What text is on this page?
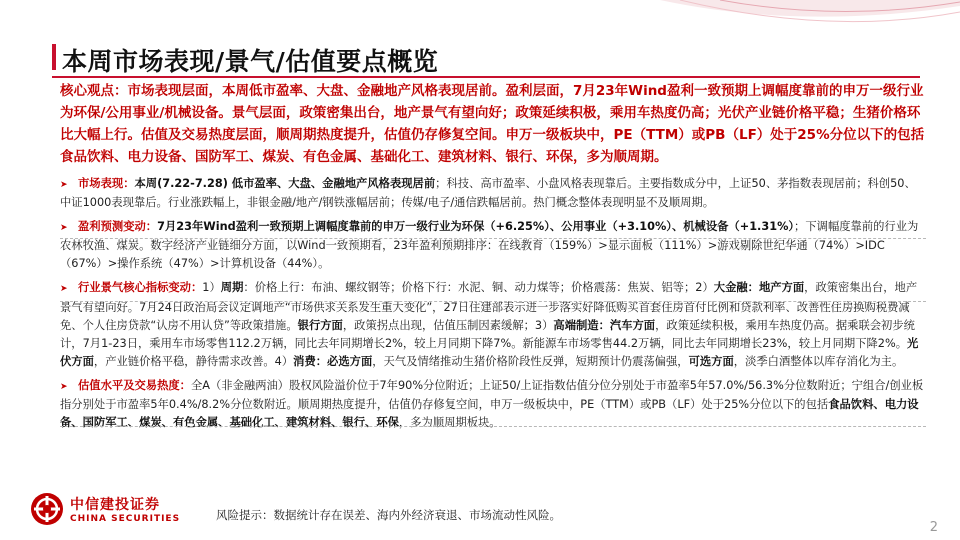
本周市场表现/景气/估值要点概览
核心观点：市场表现层面，本周低市盈率、大盘、金融地产风格表现居前。盈利层面，7月23年Wind盈利一致预期上调幅度靠前的申万一级行业为环保/公用事业/机械设备。景气层面，政策密集出台，地产景气有望向好；政策延续积极，乘用车热度仍高；光伏产业链价格平稳；生猪价格环比大幅上行。估值及交易热度层面，顺周期热度提升，估值仍存修复空间。申万一级板块中，PE（TTM）或PB（LF）处于25%分位以下的包括食品饮料、电力设备、国防军工、煤炭、有色金属、基础化工、建筑材料、银行、环保，多为顺周期。
➤ 市场表现：本周(7.22-7.28) 低市盈率、大盘、金融地产风格表现居前；科技、高市盈率、小盘风格表现靠后。主要指数成分中，上证50、茅指数表现居前；科创50、中证1000表现靠后。行业涨跌幅上，非银金融/地产/钢铁涨幅居前；传媒/电子/通信跌幅居前。热门概念整体表现明显不及顺周期。
➤ 盈利预测变动：7月23年Wind盈利一致预期上调幅度靠前的申万一级行业为环保（+6.25%）、公用事业（+3.10%）、机械设备（+1.31%）；下调幅度靠前的行业为农林牧渔、煤炭。数字经济产业链细分方面，以Wind一致预期看，23年盈利预期排序：在线教育（159%）>显示面板（111%）>游戏剔除世纪华通（74%）>IDC（67%）>操作系统（47%）>计算机设备（44%）。
➤ 行业景气核心指标变动：1）周期：价格上行：布油、螺纹钢等；价格下行：水泥、铜、动力煤等；价格震荡：焦炭、铝等；2）大金融：地产方面，政策密集出台，地产景气有望向好。7月24日政治局会议定调地产“市场供求关系发生重大变化”，27日住建部表示进一步落实好降低购买首套住房首付比例和贷款利率、改善性住房换购税费减免、个人住房贷款“认房不用认贷”等政策措施。银行方面，政策拐点出现，估值压制因素缓解；3）高端制造：汽车方面，政策延续积极，乘用车热度仍高。据乘联会初步统计，7月1-23日，乘用车市场零售112.2万辆，同比去年同期增长2%，较上月同期下降7%。新能源车市场零售44.2万辆，同比去年同期增长23%，较上月同期下降2%。光伏方面，产业链价格平稳，静待需求改善。4）消费：必选方面，天气及情绪推动生猪价格阶段性反弹，短期预计仍震荡偏强，可选方面，淡季白酒整体以库存消化为主。
➤ 估值水平及交易热度：全A（非金融两油）股权风险溢价位于7年90%分位附近；上证50/上证指数估值分位分别处于市盈率5年57.0%/56.3%分位数附近；宁组合/创业板指分别处于市盈率5年0.4%/8.2%分位数附近。顺周期热度提升，估值仍存修复空间，申万一级板块中，PE（TTM）或PB（LF）处于25%分位以下的包括食品饮料、电力设备、国防军工、煤炭、有色金属、基础化工、建筑材料、银行、环保，多为顺周期板块。
中信建投证券
CHINA SECURITIES	风险提示：数据统计存在误差、海内外经济衰退、市场流动性风险。
2
